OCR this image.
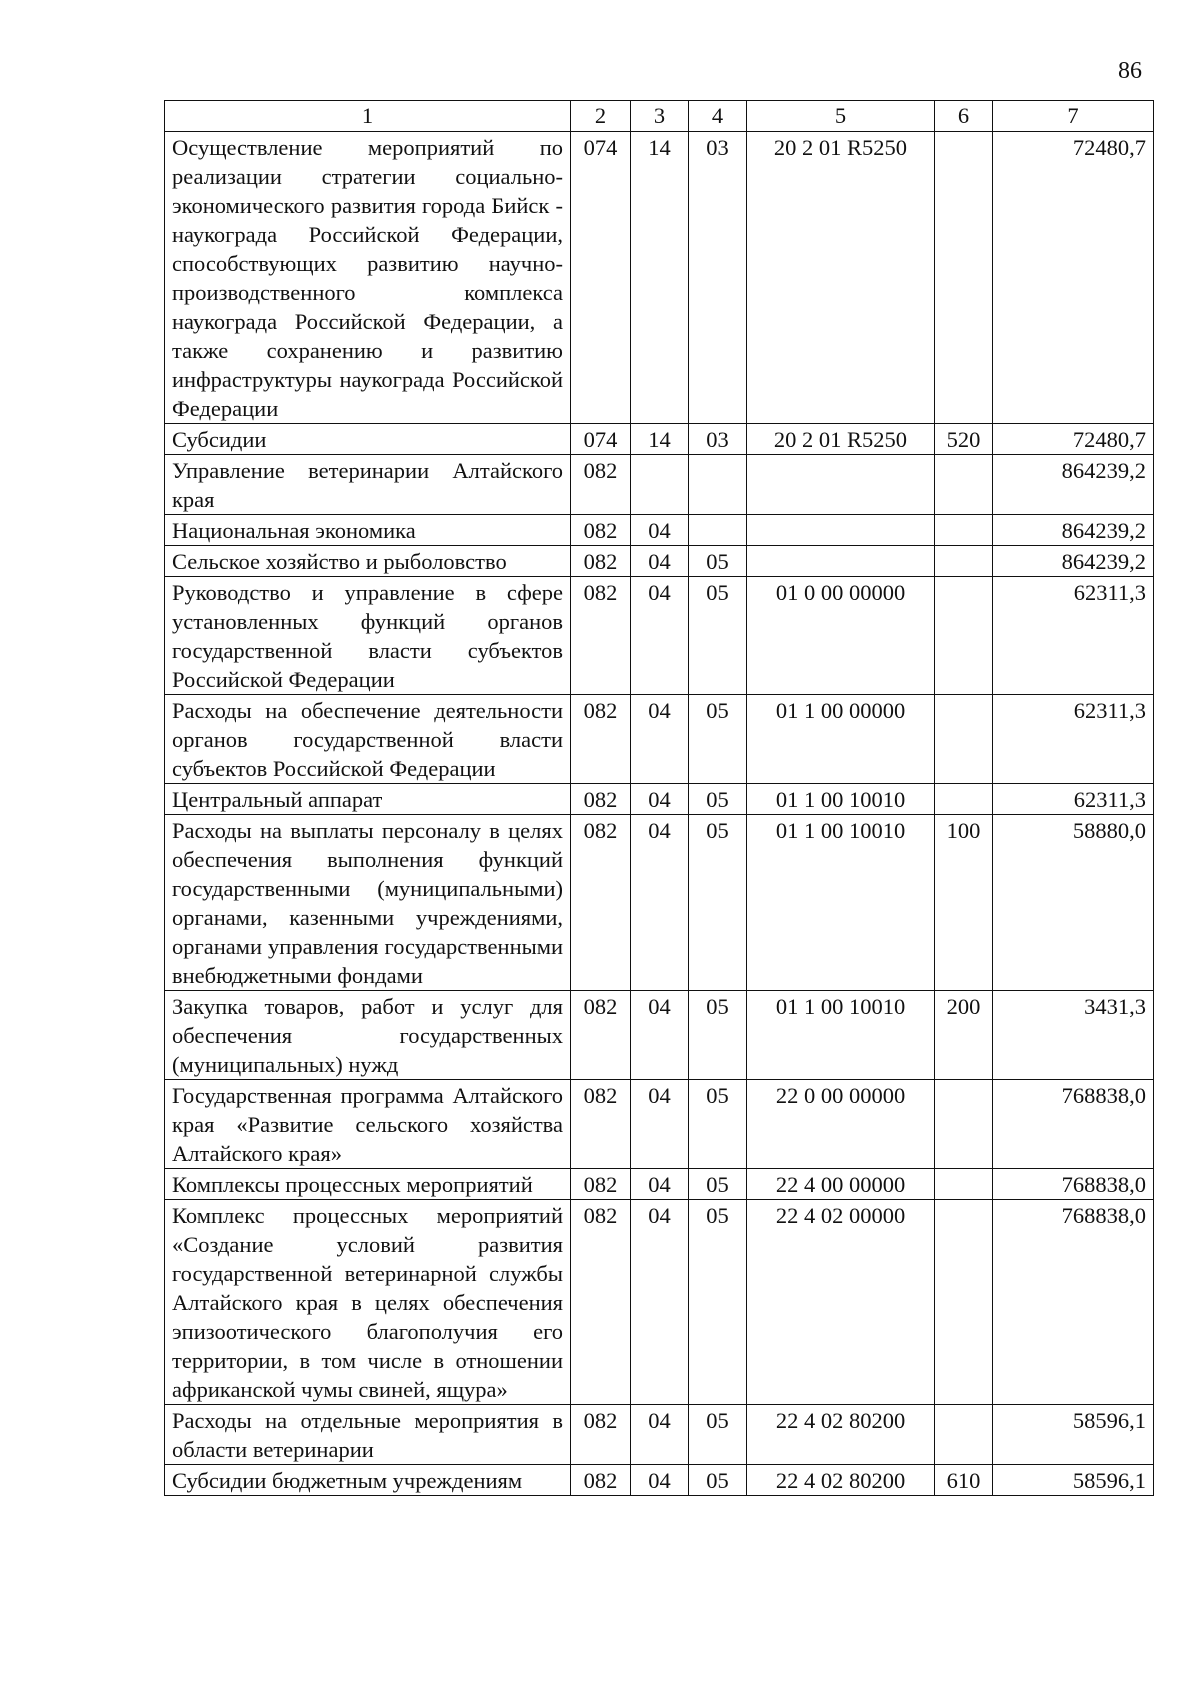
86
1	2	3	4	5	6	7
Осуществление мероприятий по реализации стратегии социально-экономического развития города Бийск - наукограда Российской Федерации, способствующих развитию научно-производственного комплекса наукограда Российской Федерации, а также сохранению и развитию инфраструктуры наукограда Российской Федерации	074	14	03	20 2 01 R5250		72480,7
Субсидии	074	14	03	20 2 01 R5250	520	72480,7
Управление ветеринарии Алтайского края	082					864239,2
Национальная экономика	082	04				864239,2
Сельское хозяйство и рыболовство	082	04	05			864239,2
Руководство и управление в сфере установленных функций органов государственной власти субъектов Российской Федерации	082	04	05	01 0 00 00000		62311,3
Расходы на обеспечение деятельности органов государственной власти субъектов Российской Федерации	082	04	05	01 1 00 00000		62311,3
Центральный аппарат	082	04	05	01 1 00 10010		62311,3
Расходы на выплаты персоналу в целях обеспечения выполнения функций государственными (муниципальными) органами, казенными учреждениями, органами управления государственными внебюджетными фондами	082	04	05	01 1 00 10010	100	58880,0
Закупка товаров, работ и услуг для обеспечения государственных (муниципальных) нужд	082	04	05	01 1 00 10010	200	3431,3
Государственная программа Алтайского края «Развитие сельского хозяйства Алтайского края»	082	04	05	22 0 00 00000		768838,0
Комплексы процессных мероприятий	082	04	05	22 4 00 00000		768838,0
Комплекс процессных мероприятий «Создание условий развития государственной ветеринарной службы Алтайского края в целях обеспечения эпизоотического благополучия его территории, в том числе в отношении африканской чумы свиней, ящура»	082	04	05	22 4 02 00000		768838,0
Расходы на отдельные мероприятия в области ветеринарии	082	04	05	22 4 02 80200		58596,1
Субсидии бюджетным учреждениям	082	04	05	22 4 02 80200	610	58596,1
